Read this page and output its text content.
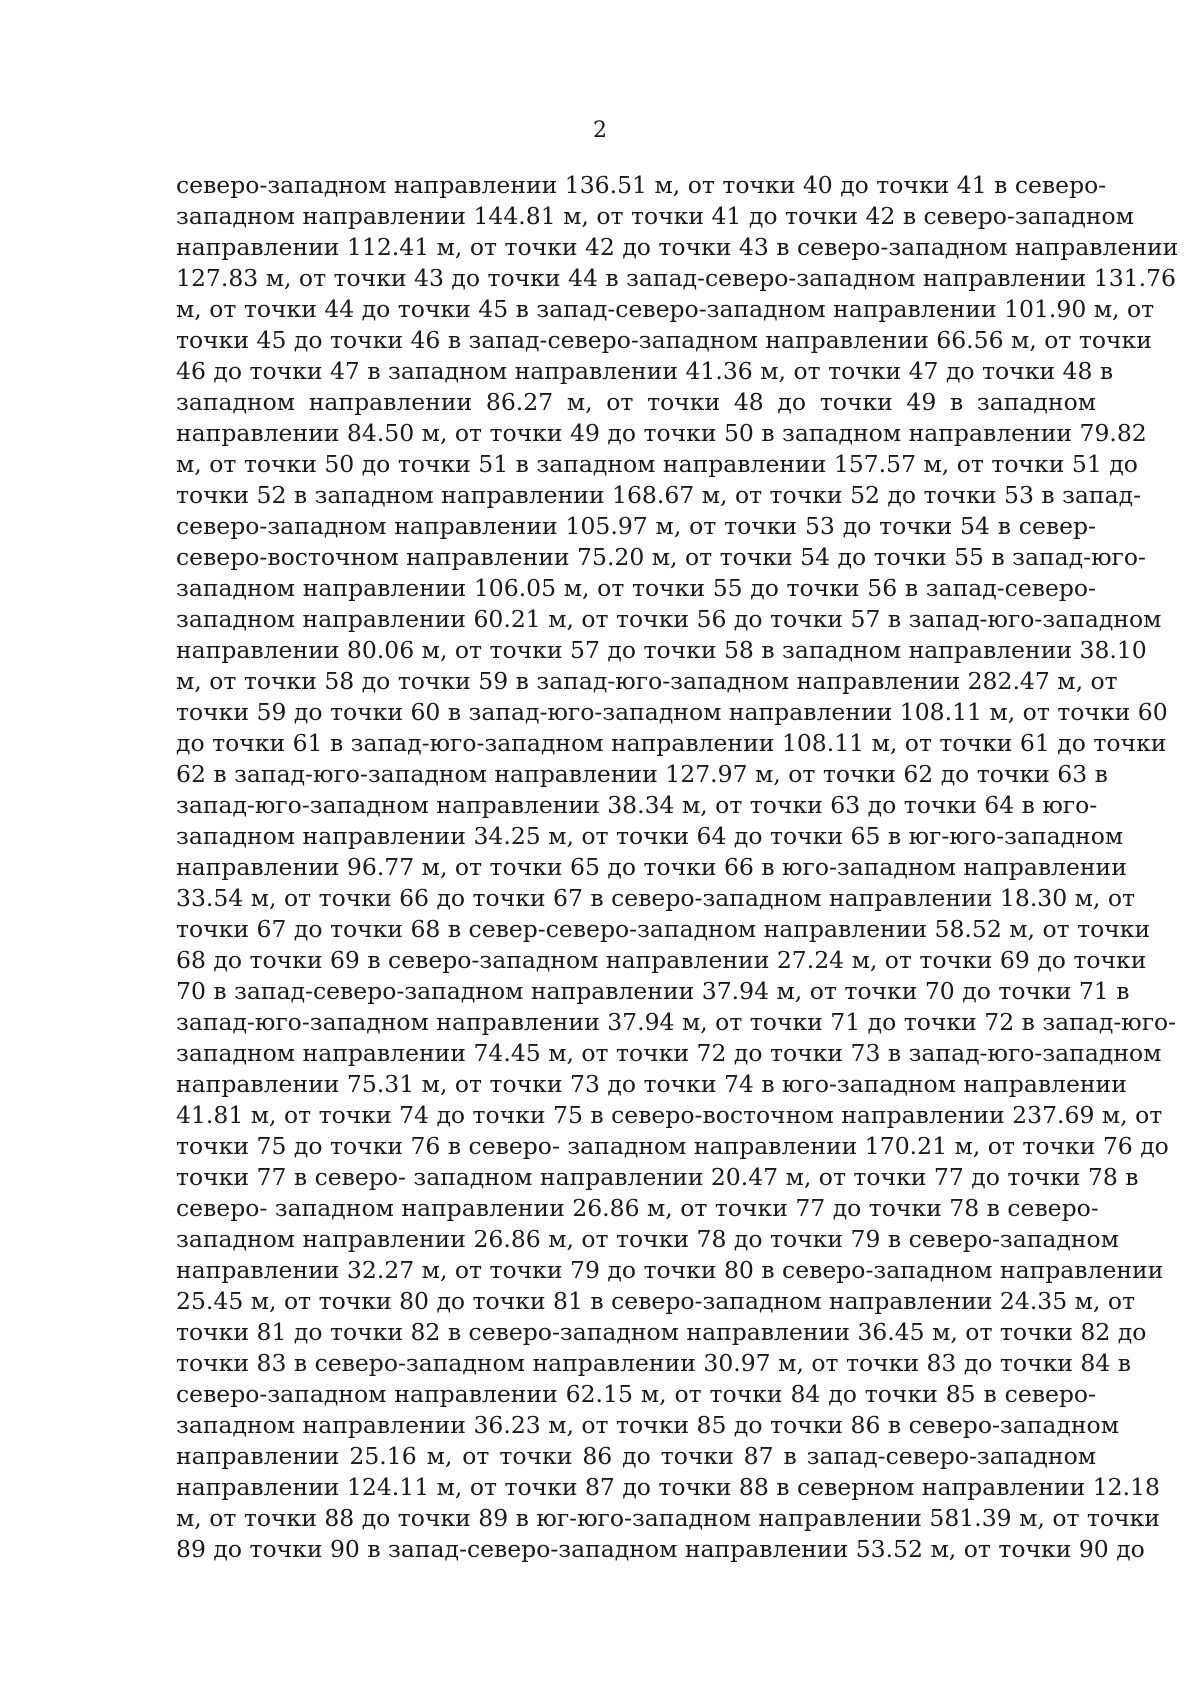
2
северо-западном направлении 136.51 м, от точки 40 до точки 41 в северо-
западном направлении 144.81 м, от точки 41 до точки 42 в северо-западном
направлении 112.41 м, от точки 42 до точки 43 в северо-западном направлении
127.83 м, от точки 43 до точки 44 в запад-северо-западном направлении 131.76
м, от точки 44 до точки 45 в запад-северо-западном направлении 101.90 м, от
точки 45 до точки 46 в запад-северо-западном направлении 66.56 м, от точки
46 до точки 47 в западном направлении 41.36 м, от точки 47 до точки 48 в
западном направлении 86.27 м, от точки 48 до точки 49 в западном
направлении 84.50 м, от точки 49 до точки 50 в западном направлении 79.82
м, от точки 50 до точки 51 в западном направлении 157.57 м, от точки 51 до
точки 52 в западном направлении 168.67 м, от точки 52 до точки 53 в запад-
северо-западном направлении 105.97 м, от точки 53 до точки 54 в север-
северо-восточном направлении 75.20 м, от точки 54 до точки 55 в запад-юго-
западном направлении 106.05 м, от точки 55 до точки 56 в запад-северо-
западном направлении 60.21 м, от точки 56 до точки 57 в запад-юго-западном
направлении 80.06 м, от точки 57 до точки 58 в западном направлении 38.10
м, от точки 58 до точки 59 в запад-юго-западном направлении 282.47 м, от
точки 59 до точки 60 в запад-юго-западном направлении 108.11 м, от точки 60
до точки 61 в запад-юго-западном направлении 108.11 м, от точки 61 до точки
62 в запад-юго-западном направлении 127.97 м, от точки 62 до точки 63 в
запад-юго-западном направлении 38.34 м, от точки 63 до точки 64 в юго-
западном направлении 34.25 м, от точки 64 до точки 65 в юг-юго-западном
направлении 96.77 м, от точки 65 до точки 66 в юго-западном направлении
33.54 м, от точки 66 до точки 67 в северо-западном направлении 18.30 м, от
точки 67 до точки 68 в север-северо-западном направлении 58.52 м, от точки
68 до точки 69 в северо-западном направлении 27.24 м, от точки 69 до точки
70 в запад-северо-западном направлении 37.94 м, от точки 70 до точки 71 в
запад-юго-западном направлении 37.94 м, от точки 71 до точки 72 в запад-юго-
западном направлении 74.45 м, от точки 72 до точки 73 в запад-юго-западном
направлении 75.31 м, от точки 73 до точки 74 в юго-западном направлении
41.81 м, от точки 74 до точки 75 в северо-восточном направлении 237.69 м, от
точки 75 до точки 76 в северо- западном направлении 170.21 м, от точки 76 до
точки 77 в северо- западном направлении 20.47 м, от точки 77 до точки 78 в
северо- западном направлении 26.86 м, от точки 77 до точки 78 в северо-
западном направлении 26.86 м, от точки 78 до точки 79 в северо-западном
направлении 32.27 м, от точки 79 до точки 80 в северо-западном направлении
25.45 м, от точки 80 до точки 81 в северо-западном направлении 24.35 м, от
точки 81 до точки 82 в северо-западном направлении 36.45 м, от точки 82 до
точки 83 в северо-западном направлении 30.97 м, от точки 83 до точки 84 в
северо-западном направлении 62.15 м, от точки 84 до точки 85 в северо-
западном направлении 36.23 м, от точки 85 до точки 86 в северо-западном
направлении 25.16 м, от точки 86 до точки 87 в запад-северо-западном
направлении 124.11 м, от точки 87 до точки 88 в северном направлении 12.18
м, от точки 88 до точки 89 в юг-юго-западном направлении 581.39 м, от точки
89 до точки 90 в запад-северо-западном направлении 53.52 м, от точки 90 до
